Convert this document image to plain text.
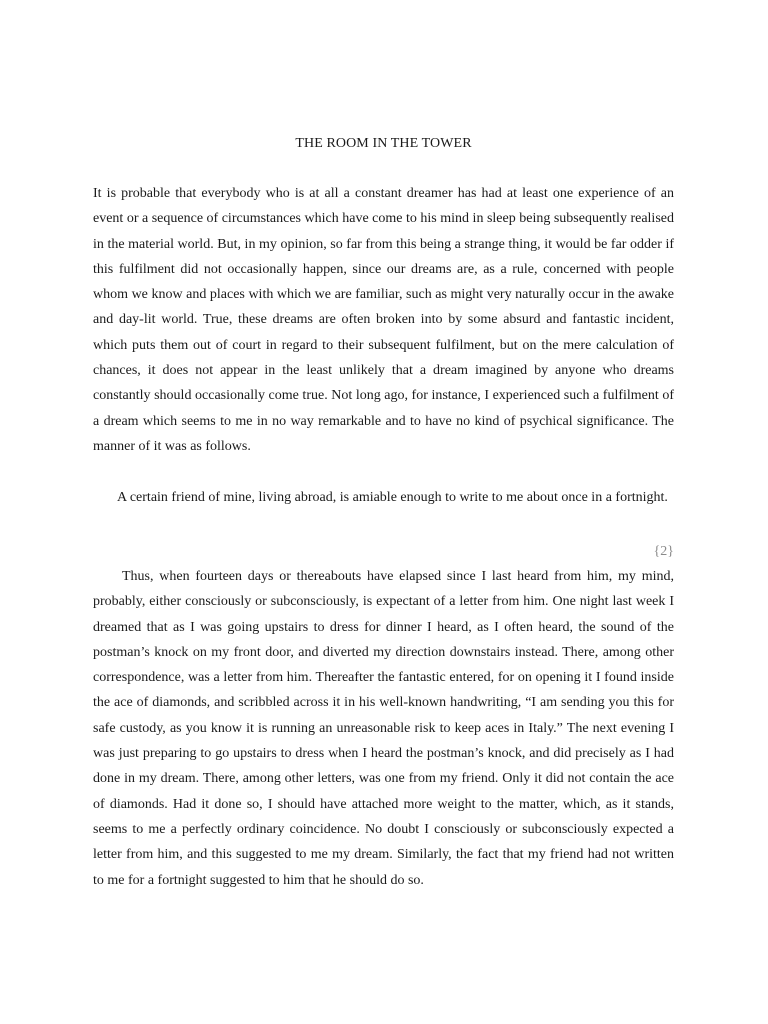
THE ROOM IN THE TOWER

It is probable that everybody who is at all a constant dreamer has had at least one experience of an event or a sequence of circumstances which have come to his mind in sleep being subsequently realised in the material world. But, in my opinion, so far from this being a strange thing, it would be far odder if this fulfilment did not occasionally happen, since our dreams are, as a rule, concerned with people whom we know and places with which we are familiar, such as might very naturally occur in the awake and day-lit world. True, these dreams are often broken into by some absurd and fantastic incident, which puts them out of court in regard to their subsequent fulfilment, but on the mere calculation of chances, it does not appear in the least unlikely that a dream imagined by anyone who dreams constantly should occasionally come true. Not long ago, for instance, I experienced such a fulfilment of a dream which seems to me in no way remarkable and to have no kind of psychical significance. The manner of it was as follows.

A certain friend of mine, living abroad, is amiable enough to write to me about once in a fortnight.

{2}

Thus, when fourteen days or thereabouts have elapsed since I last heard from him, my mind, probably, either consciously or subconsciously, is expectant of a letter from him. One night last week I dreamed that as I was going upstairs to dress for dinner I heard, as I often heard, the sound of the postman’s knock on my front door, and diverted my direction downstairs instead. There, among other correspondence, was a letter from him. Thereafter the fantastic entered, for on opening it I found inside the ace of diamonds, and scribbled across it in his well-known handwriting, “I am sending you this for safe custody, as you know it is running an unreasonable risk to keep aces in Italy.” The next evening I was just preparing to go upstairs to dress when I heard the postman’s knock, and did precisely as I had done in my dream. There, among other letters, was one from my friend. Only it did not contain the ace of diamonds. Had it done so, I should have attached more weight to the matter, which, as it stands, seems to me a perfectly ordinary coincidence. No doubt I consciously or subconsciously expected a letter from him, and this suggested to me my dream. Similarly, the fact that my friend had not written to me for a fortnight suggested to him that he should do so.
